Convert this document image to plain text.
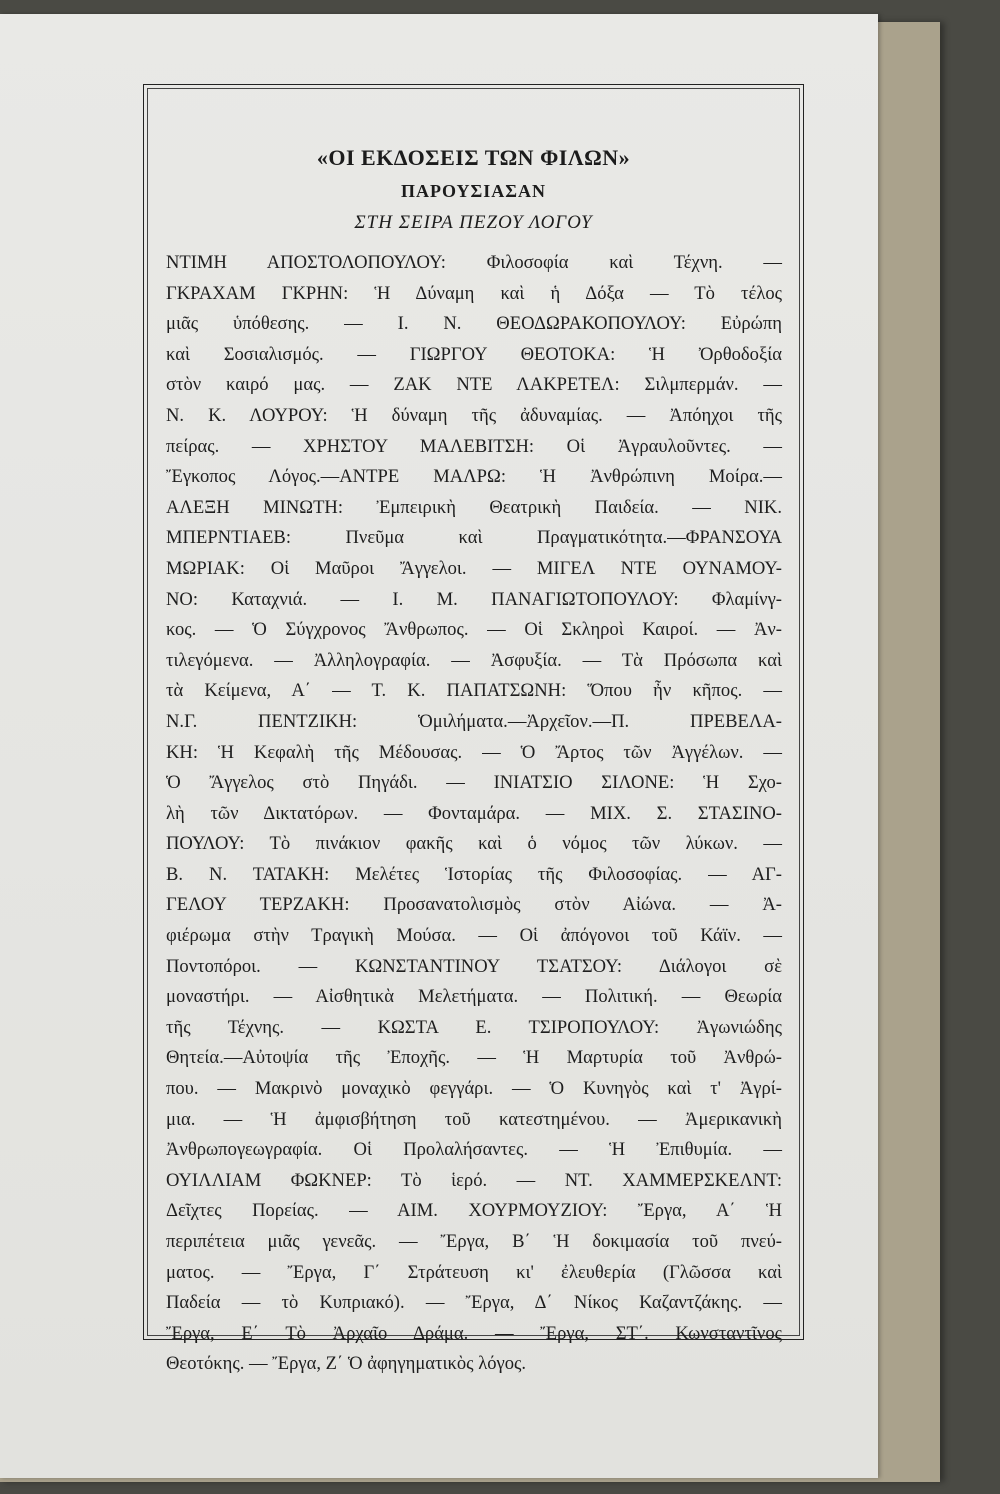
«ΟΙ ΕΚΔΟΣΕΙΣ ΤΩΝ ΦΙΛΩΝ»
ΠΑΡΟΥΣΙΑΣΑΝ
ΣΤΗ ΣΕΙΡΑ ΠΕΖΟΥ ΛΟΓΟΥ
ΝΤΙΜΗ ΑΠΟΣΤΟΛΟΠΟΥΛΟΥ: Φιλοσοφία καὶ Τέχνη. —
ΓΚΡΑΧΑΜ ΓΚΡΗΝ: Ἡ Δύναμη καὶ ἡ Δόξα — Τὸ τέλος
μιᾶς ὑπόθεσης. — Ι. Ν. ΘΕΟΔΩΡΑΚΟΠΟΥΛΟΥ: Εὐρώπη
καὶ Σοσιαλισμός. — ΓΙΩΡΓΟΥ ΘΕΟΤΟΚΑ: Ἡ Ὀρθοδοξία
στὸν καιρό μας. — ΖΑΚ ΝΤΕ ΛΑΚΡΕΤΕΛ: Σιλμπερμάν. —
Ν. Κ. ΛΟΥΡΟΥ: Ἡ δύναμη τῆς ἀδυναμίας. — Ἀπόηχοι τῆς
πείρας. — ΧΡΗΣΤΟΥ ΜΑΛΕΒΙΤΣΗ: Οἱ Ἀγραυλοῦντες. —
Ἔγκοπος Λόγος.—ΑΝΤΡΕ ΜΑΛΡΩ: Ἡ Ἀνθρώπινη Μοίρα.—
ΑΛΕΞΗ ΜΙΝΩΤΗ: Ἐμπειρικὴ Θεατρικὴ Παιδεία. — ΝΙΚ.
ΜΠΕΡΝΤΙΑΕΒ: Πνεῦμα καὶ Πραγματικότητα.—ΦΡΑΝΣΟΥΑ
ΜΩΡΙΑΚ: Οἱ Μαῦροι Ἄγγελοι. — ΜΙΓΕΛ ΝΤΕ ΟΥΝΑΜΟΥ-
ΝΟ: Καταχνιά. — Ι. Μ. ΠΑΝΑΓΙΩΤΟΠΟΥΛΟΥ: Φλαμίνγ-
κος. — Ὁ Σύγχρονος Ἄνθρωπος. — Οἱ Σκληροὶ Καιροί. — Ἀν-
τιλεγόμενα. — Ἀλληλογραφία. — Ἀσφυξία. — Τὰ Πρόσωπα καὶ
τὰ Κείμενα, Α΄ — Τ. Κ. ΠΑΠΑΤΣΩΝΗ: Ὅπου ἦν κῆπος. —
Ν.Γ. ΠΕΝΤΖΙΚΗ: Ὁμιλήματα.—Ἀρχεῖον.—Π. ΠΡΕΒΕΛΑ-
ΚΗ: Ἡ Κεφαλὴ τῆς Μέδουσας. — Ὁ Ἄρτος τῶν Ἀγγέλων. —
Ὁ Ἄγγελος στὸ Πηγάδι. — ΙΝΙΑΤΣΙΟ ΣΙΛΟΝΕ: Ἡ Σχο-
λὴ τῶν Δικτατόρων. — Φονταμάρα. — ΜΙΧ. Σ. ΣΤΑΣΙΝΟ-
ΠΟΥΛΟΥ: Τὸ πινάκιον φακῆς καὶ ὁ νόμος τῶν λύκων. —
Β. Ν. ΤΑΤΑΚΗ: Μελέτες Ἱστορίας τῆς Φιλοσοφίας. — ΑΓ-
ΓΕΛΟΥ ΤΕΡΖΑΚΗ: Προσανατολισμὸς στὸν Αἰώνα. — Ἀ-
φιέρωμα στὴν Τραγικὴ Μούσα. — Οἱ ἀπόγονοι τοῦ Κάϊν. —
Ποντοπόροι. — ΚΩΝΣΤΑΝΤΙΝΟΥ ΤΣΑΤΣΟΥ: Διάλογοι σὲ
μοναστήρι. — Αἰσθητικὰ Μελετήματα. — Πολιτική. — Θεωρία
τῆς Τέχνης. — ΚΩΣΤΑ Ε. ΤΣΙΡΟΠΟΥΛΟΥ: Ἀγωνιώδης
Θητεία.—Αὐτοψία τῆς Ἐποχῆς. — Ἡ Μαρτυρία τοῦ Ἀνθρώ-
που. — Μακρινὸ μοναχικὸ φεγγάρι. — Ὁ Κυνηγὸς καὶ τ' Ἀγρί-
μια. — Ἡ ἀμφισβήτηση τοῦ κατεστημένου. — Ἀμερικανικὴ
Ἀνθρωπογεωγραφία. Οἱ Προλαλήσαντες. — Ἡ Ἐπιθυμία. —
ΟΥΙΛΛΙΑΜ ΦΩΚΝΕΡ: Τὸ ἱερό. — ΝΤ. ΧΑΜΜΕΡΣΚΕΛΝΤ:
Δεῖχτες Πορείας. — ΑΙΜ. ΧΟΥΡΜΟΥΖΙΟΥ: Ἔργα, Α΄ Ἡ
περιπέτεια μιᾶς γενεᾶς. — Ἔργα, Β΄ Ἡ δοκιμασία τοῦ πνεύ-
ματος. — Ἔργα, Γ΄ Στράτευση κι' ἐλευθερία (Γλῶσσα καὶ
Παδεία — τὸ Κυπριακό). — Ἔργα, Δ΄ Νίκος Καζαντζάκης. —
Ἔργα, Ε΄ Τὸ Ἀρχαῖο Δράμα. — Ἔργα, ΣΤ΄. Κωνσταντῖνος
Θεοτόκης. — Ἔργα, Ζ΄ Ὁ ἀφηγηματικὸς λόγος.
